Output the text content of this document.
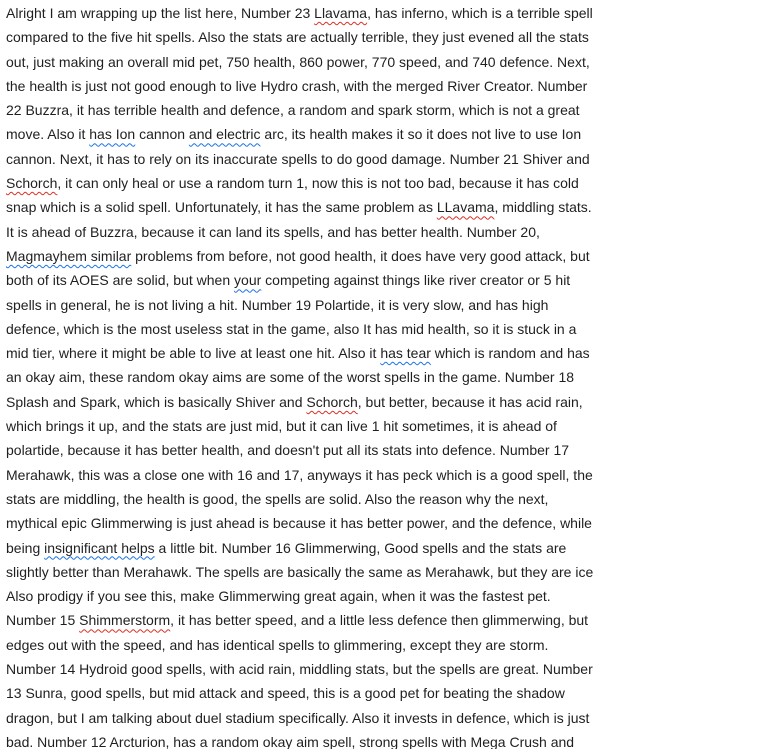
Alright I am wrapping up the list here, Number 23 Llavama, has inferno, which is a terrible spell
compared to the five hit spells. Also the stats are actually terrible, they just evened all the stats
out, just making an overall mid pet, 750 health, 860 power, 770 speed, and 740 defence. Next,
the health is just not good enough to live Hydro crash, with the merged River Creator. Number
22 Buzzra, it has terrible health and defence, a random and spark storm, which is not a great
move. Also it has Ion cannon and electric arc, its health makes it so it does not live to use Ion
cannon. Next, it has to rely on its inaccurate spells to do good damage. Number 21 Shiver and
Schorch, it can only heal or use a random turn 1, now this is not too bad, because it has cold
snap which is a solid spell. Unfortunately, it has the same problem as LLavama, middling stats.
It is ahead of Buzzra, because it can land its spells, and has better health. Number 20,
Magmayhem similar problems from before, not good health, it does have very good attack, but
both of its AOES are solid, but when your competing against things like river creator or 5 hit
spells in general, he is not living a hit. Number 19 Polartide, it is very slow, and has high
defence, which is the most useless stat in the game, also It has mid health, so it is stuck in a
mid tier, where it might be able to live at least one hit. Also it has tear which is random and has
an okay aim, these random okay aims are some of the worst spells in the game. Number 18
Splash and Spark, which is basically Shiver and Schorch, but better, because it has acid rain,
which brings it up, and the stats are just mid, but it can live 1 hit sometimes, it is ahead of
polartide, because it has better health, and doesn't put all its stats into defence. Number 17
Merahawk, this was a close one with 16 and 17, anyways it has peck which is a good spell, the
stats are middling, the health is good, the spells are solid. Also the reason why the next,
mythical epic Glimmerwing is just ahead is because it has better power, and the defence, while
being insignificant helps a little bit. Number 16 Glimmerwing, Good spells and the stats are
slightly better than Merahawk. The spells are basically the same as Merahawk, but they are ice
Also prodigy if you see this, make Glimmerwing great again, when it was the fastest pet.
Number 15 Shimmerstorm, it has better speed, and a little less defence then glimmerwing, but
edges out with the speed, and has identical spells to glimmering, except they are storm.
Number 14 Hydroid good spells, with acid rain, middling stats, but the spells are great. Number
13 Sunra, good spells, but mid attack and speed, this is a good pet for beating the shadow
dragon, but I am talking about duel stadium specifically. Also it invests in defence, which is just
bad. Number 12 Arcturion, has a random okay aim spell, strong spells with Mega Crush and
